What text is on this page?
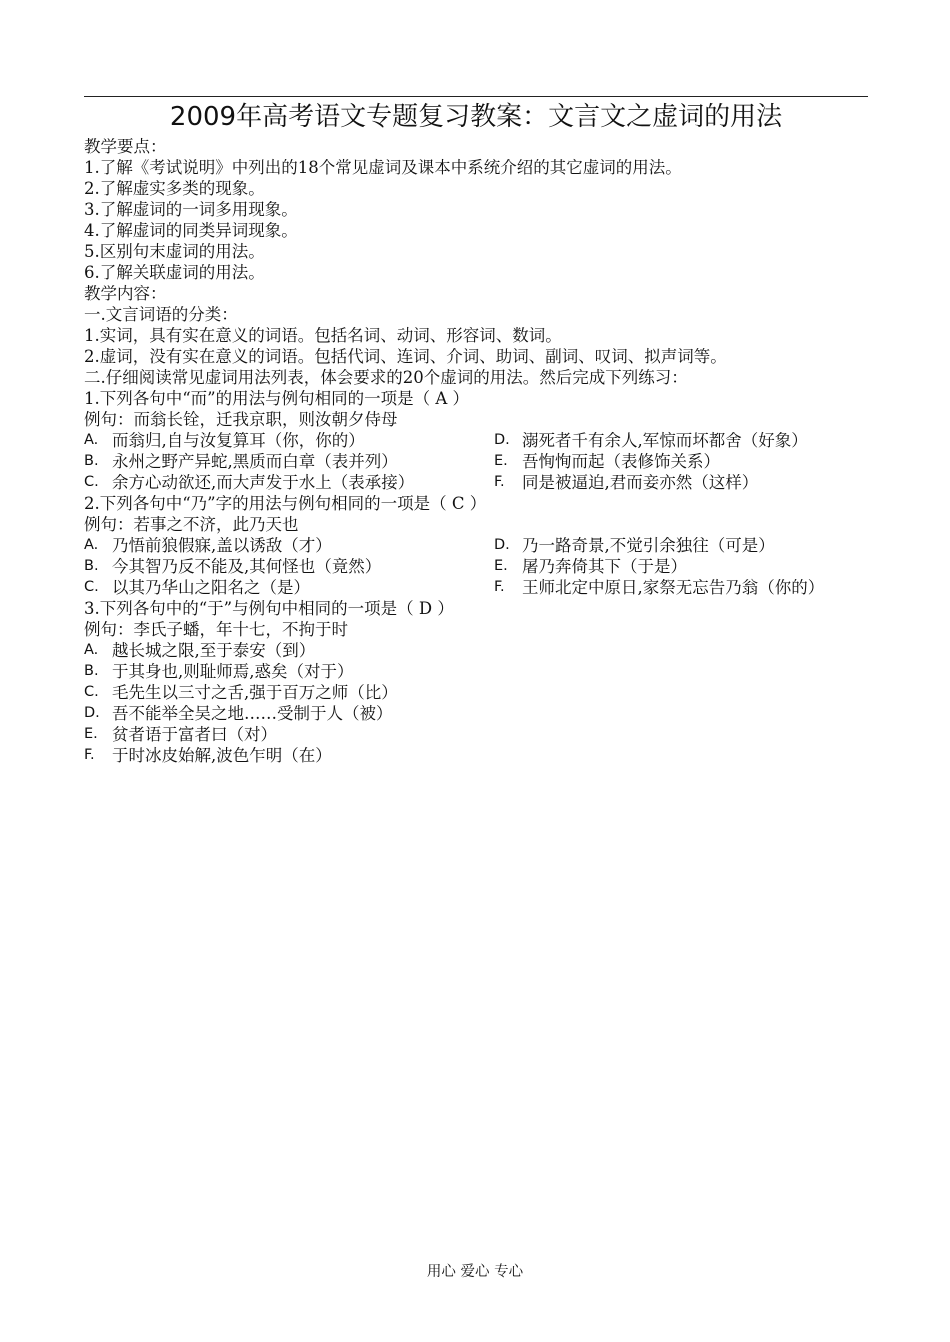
2009年高考语文专题复习教案：文言文之虚词的用法
教学要点：
1.了解《考试说明》中列出的18个常见虚词及课本中系统介绍的其它虚词的用法。
2.了解虚实多类的现象。
3.了解虚词的一词多用现象。
4.了解虚词的同类异词现象。
5.区别句末虚词的用法。
6.了解关联虚词的用法。
教学内容：
一.文言词语的分类：
1.实词，具有实在意义的词语。包括名词、动词、形容词、数词。
2.虚词，没有实在意义的词语。包括代词、连词、介词、助词、副词、叹词、拟声词等。
二.仔细阅读常见虚词用法列表，体会要求的20个虚词的用法。然后完成下列练习：
1.下列各句中“而”的用法与例句相同的一项是（ A ）
例句：而翁长铨，迁我京职，则汝朝夕侍母
A. 而翁归,自与汝复算耳（你，你的）	D. 溺死者千有余人,军惊而坏都舍（好象）
B. 永州之野产异蛇,黑质而白章（表并列）	E. 吾恂恂而起（表修饰关系）
C. 余方心动欲还,而大声发于水上（表承接）	F.	同是被逼迫,君而妾亦然（这样）
2.下列各句中“乃”字的用法与例句相同的一项是（ C ）
例句：若事之不济，此乃天也
A. 乃悟前狼假寐,盖以诱敌（才）	D. 乃一路奇景,不觉引余独往（可是）
B. 今其智乃反不能及,其何怪也（竟然）	E. 屠乃奔倚其下（于是）
C. 以其乃华山之阳名之（是）	F.	王师北定中原日,家祭无忘告乃翁（你的）
3.下列各句中的“于”与例句中相同的一项是（ D ）
例句：李氏子蟠，年十七，不拘于时
A. 越长城之限,至于泰安（到）
B. 于其身也,则耻师焉,惑矣（对于）
C. 毛先生以三寸之舌,强于百万之师（比）
D. 吾不能举全吴之地……受制于人（被）
E. 贫者语于富者曰（对）
F.	于时冰皮始解,波色乍明（在）
用心 爱心 专心
